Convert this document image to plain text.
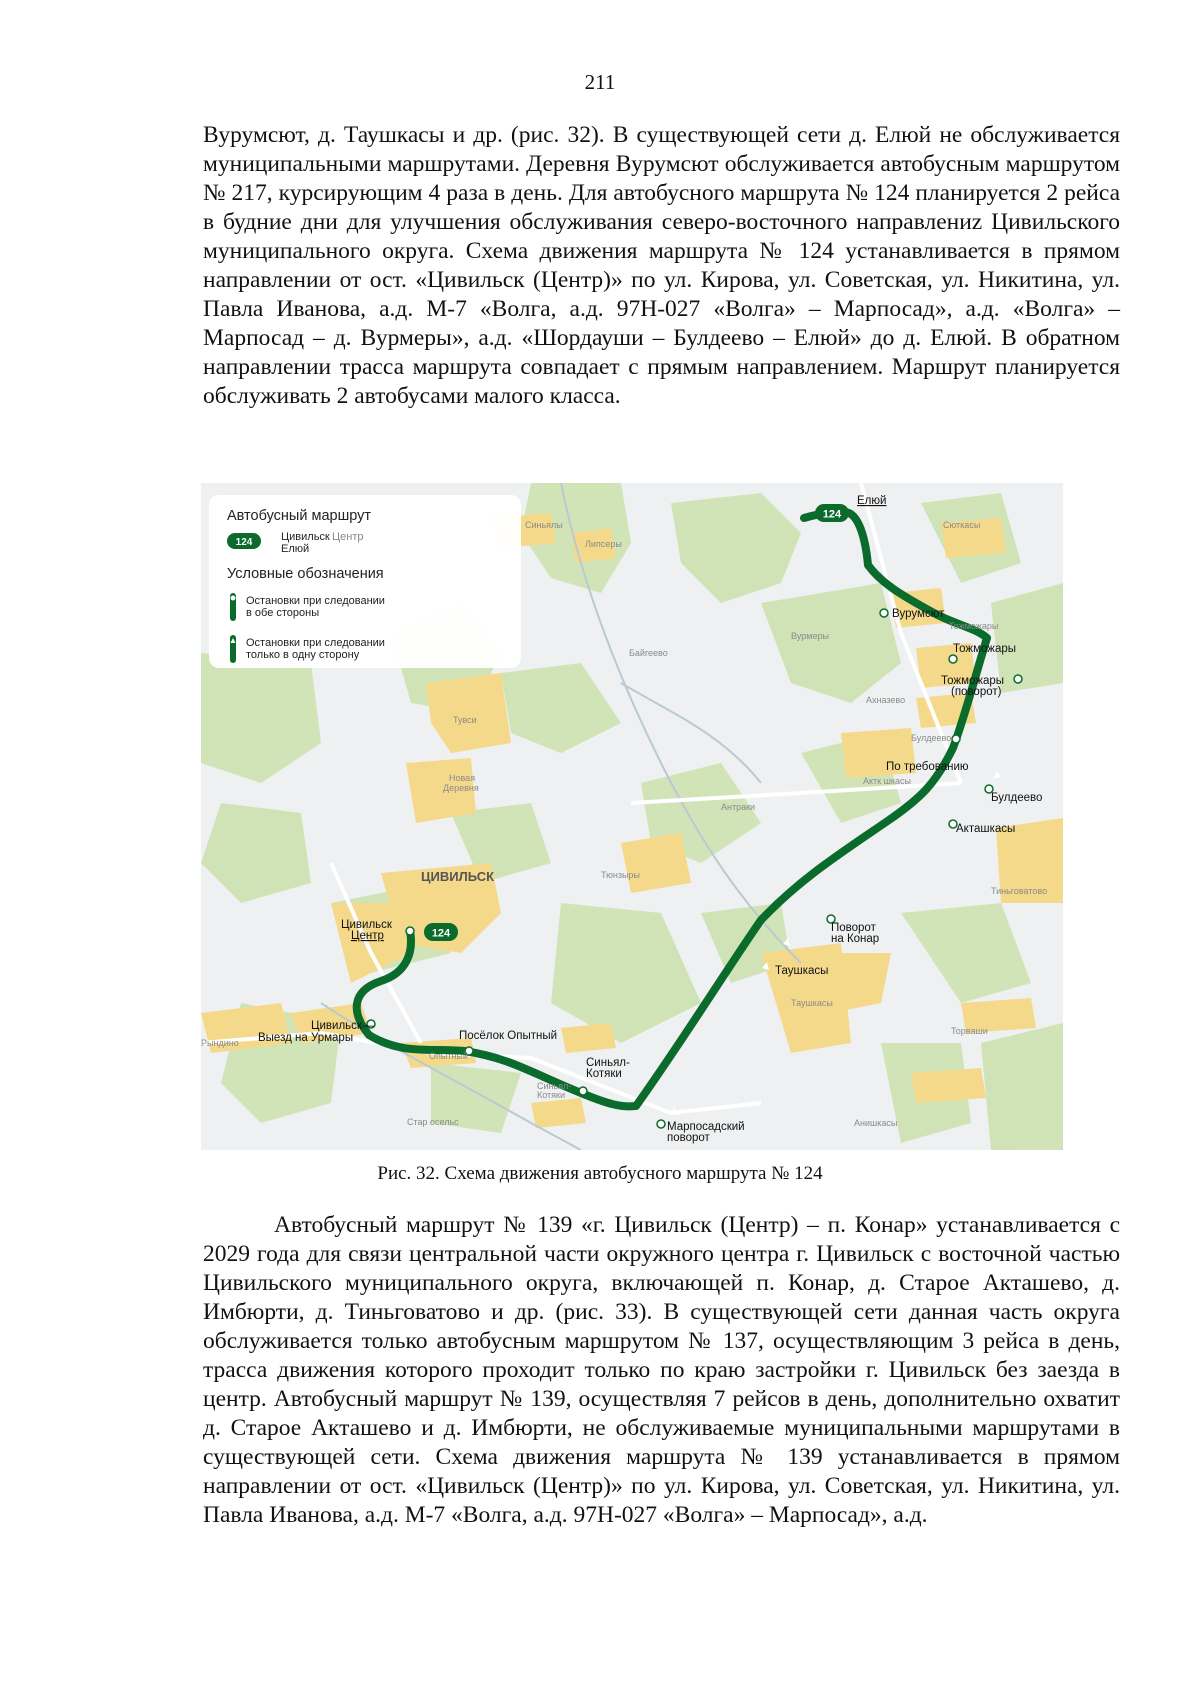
211

Вурумсют, д. Таушкасы и др. (рис. 32). В существующей сети д. Елюй не обслуживается муниципальными маршрутами. Деревня Вурумсют обслуживается автобусным маршрутом № 217, курсирующим 4 раза в день. Для автобусного маршрута № 124 планируется 2 рейса в будние дни для улучшения обслуживания северо-восточного направлениz Цивильского муниципального округа. Схема движения маршрута № 124 устанавливается в прямом направлении от ост. «Цивильск (Центр)» по ул. Кирова, ул. Советская, ул. Никитина, ул. Павла Иванова, а.д. М-7 «Волга, а.д. 97Н-027 «Волга» – Марпосад», а.д. «Волга» – Марпосад – д. Вурмеры», а.д. «Шордауши – Булдеево – Елюй» до д. Елюй. В обратном направлении трасса маршрута совпадает с прямым направлением. Маршрут планируется обслуживать 2 автобусами малого класса.

124
124
Елюй
Вурумсют
Тожможары
Тожможары
(поворот)
По требованию
Булдеево
Акташкасы
Поворот
на Конар
Таушкасы
Марпосадский
поворот
Синьял-
Котяки
Посёлок Опытный
Цивильск—
Выезд на Урмары
Цивильск
Центр
Синьялы
Липсеры
Сюткасы
Тожможары
Вурмеры
Байгеево
Ахназево
Булдеево
Актк шкасы
Тувси
Новая
Деревня
Антраки
Тюнзыры
Тиньговатово
Таушкасы
Торваши
Рындино
Опытный
Синьял-
Котяки
Стар осельс	Анишкасы
ЦИВИЛЬСК
Автобусный маршрут
124	Цивильск Центр
Елюй
Условные обозначения
Остановки при следовании
в обе стороны
Остановки при следовании
только в одну сторону
Рис. 32. Схема движения автобусного маршрута № 124

Автобусный маршрут № 139 «г. Цивильск (Центр) – п. Конар» устанавливается с 2029 года для связи центральной части окружного центра г. Цивильск с восточной частью Цивильского муниципального округа, включающей п. Конар, д. Старое Акташево, д. Имбюрти, д. Тиньговатово и др. (рис. 33). В существующей сети данная часть округа обслуживается только автобусным маршрутом № 137, осуществляющим 3 рейса в день, трасса движения которого проходит только по краю застройки г. Цивильск без заезда в центр. Автобусный маршрут № 139, осуществляя 7 рейсов в день, дополнительно охватит д. Старое Акташево и д. Имбюрти, не обслуживаемые муниципальными маршрутами в существующей сети. Схема движения маршрута № 139 устанавливается в прямом направлении от ост. «Цивильск (Центр)» по ул. Кирова, ул. Советская, ул. Никитина, ул. Павла Иванова, а.д. М-7 «Волга, а.д. 97Н-027 «Волга» – Марпосад», а.д.
